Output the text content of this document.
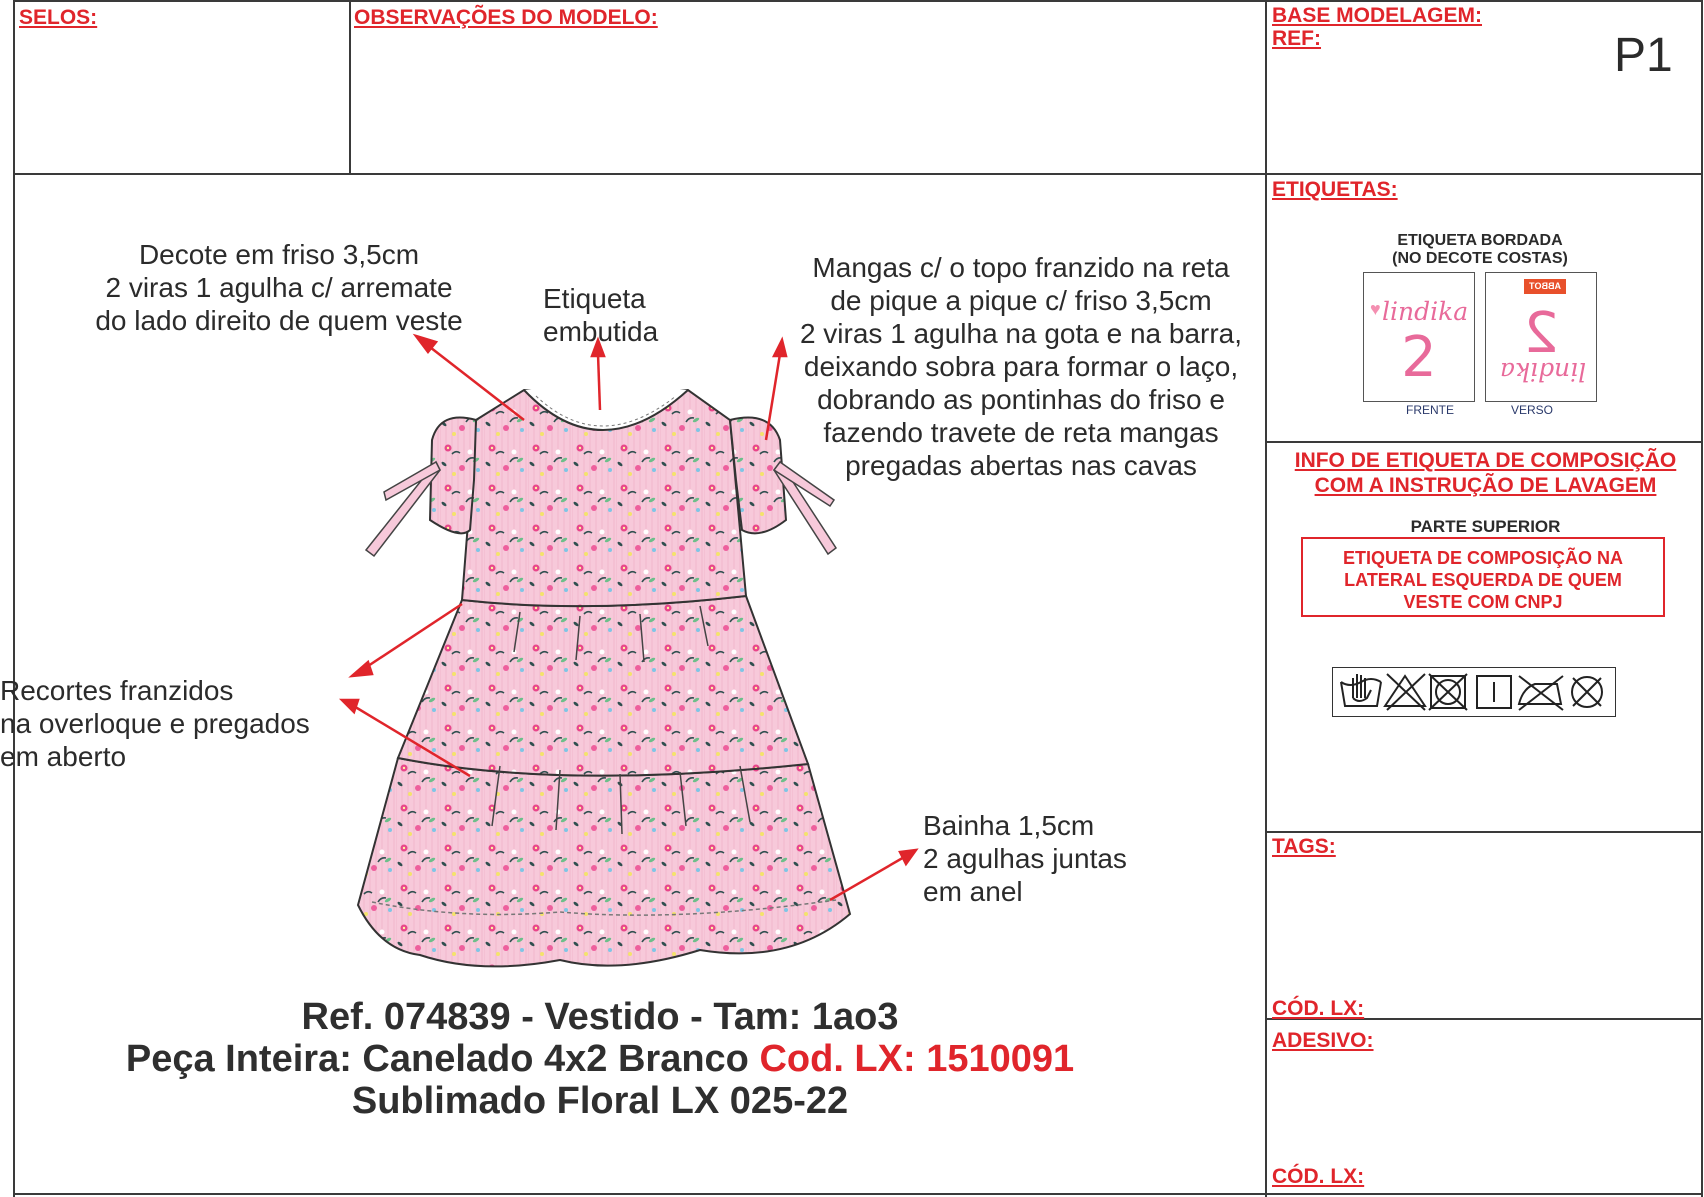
SELOS:	OBSERVAÇÕES DO MODELO:	BASE MODELAGEM:
REF:	P1
ETIQUETAS:
ETIQUETA BORDADA
(NO DECOTE COSTAS)
♥ lindika
2
ABBOT
2
lindika
FRENTE	VERSO
INFO DE ETIQUETA DE COMPOSIÇÃO
COM A INSTRUÇÃO DE LAVAGEM
PARTE SUPERIOR
ETIQUETA DE COMPOSIÇÃO NA
LATERAL ESQUERDA DE QUEM
VESTE COM CNPJ
TAGS:
CÓD. LX:
ADESIVO:
CÓD. LX:
Decote em friso 3,5cm
2 viras 1 agulha c/ arremate
do lado direito de quem veste
Etiqueta
embutida
Mangas c/ o topo franzido na reta
de pique a pique c/ friso 3,5cm
2 viras 1 agulha na gota e na barra,
deixando sobra para formar o laço,
dobrando as pontinhas do friso e
fazendo travete de reta mangas
pregadas abertas nas cavas
Recortes franzidos
na overloque e pregados
em aberto
Bainha 1,5cm
2 agulhas juntas
em anel
Ref. 074839 - Vestido - Tam: 1ao3
Peça Inteira: Canelado 4x2 Branco Cod. LX: 1510091
Sublimado Floral LX 025-22
